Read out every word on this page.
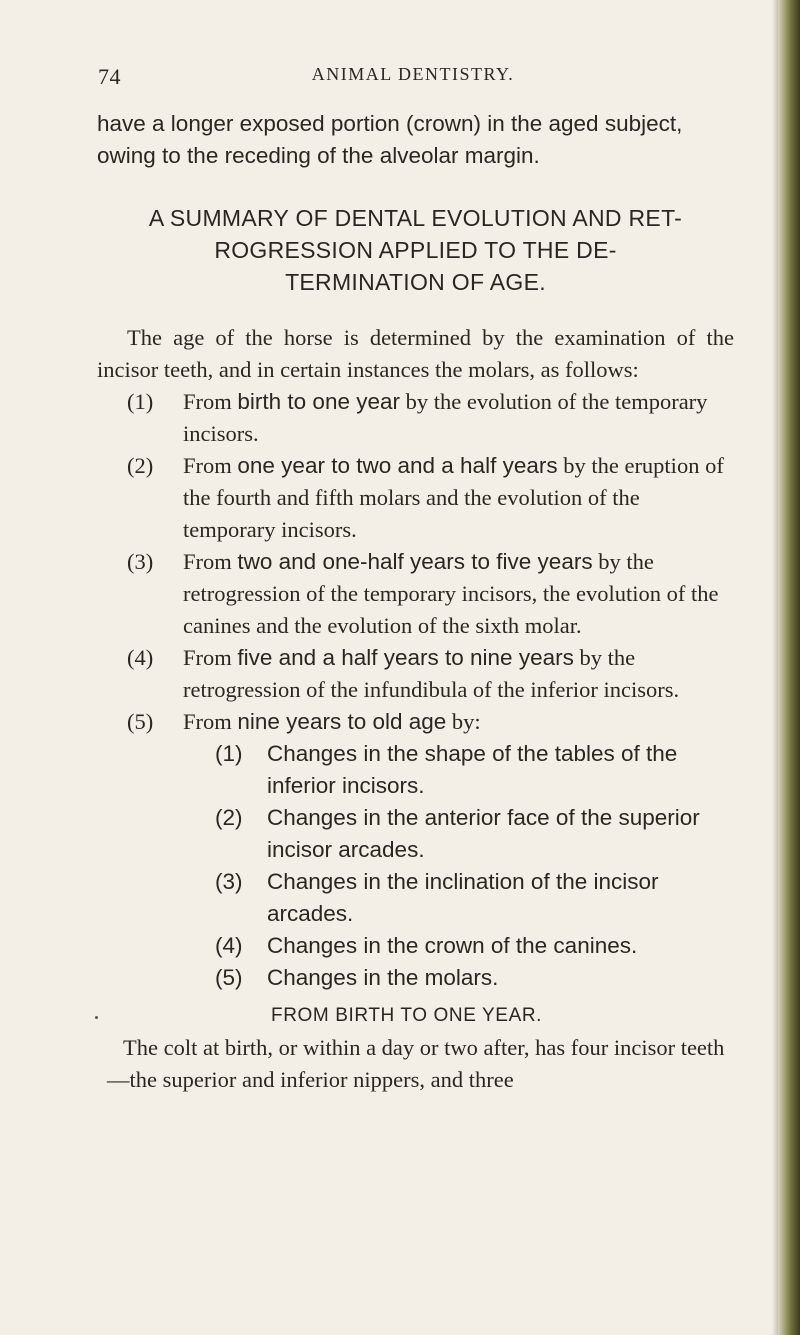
74	ANIMAL DENTISTRY.

have a longer exposed portion (crown) in the aged subject, owing to the receding of the alveolar margin.

A SUMMARY OF DENTAL EVOLUTION AND RET-
ROGRESSION APPLIED TO THE DE-
TERMINATION OF AGE.

The age of the horse is determined by the examination of the incisor teeth, and in certain instances the molars, as follows:

(1) From birth to one year by the evolution of the temporary incisors.
(2) From one year to two and a half years by the eruption of the fourth and fifth molars and the evolution of the temporary incisors.
(3) From two and one-half years to five years by the retrogression of the temporary incisors, the evolution of the canines and the evolution of the sixth molar.
(4) From five and a half years to nine years by the retrogression of the infundibula of the inferior incisors.
(5) From nine years to old age by:
(1) Changes in the shape of the tables of the inferior incisors.
(2) Changes in the anterior face of the superior incisor arcades.
(3) Changes in the inclination of the incisor arcades.
(4) Changes in the crown of the canines.
(5) Changes in the molars.
FROM BIRTH TO ONE YEAR.

The colt at birth, or within a day or two after, has four incisor teeth—the superior and inferior nippers, and three
